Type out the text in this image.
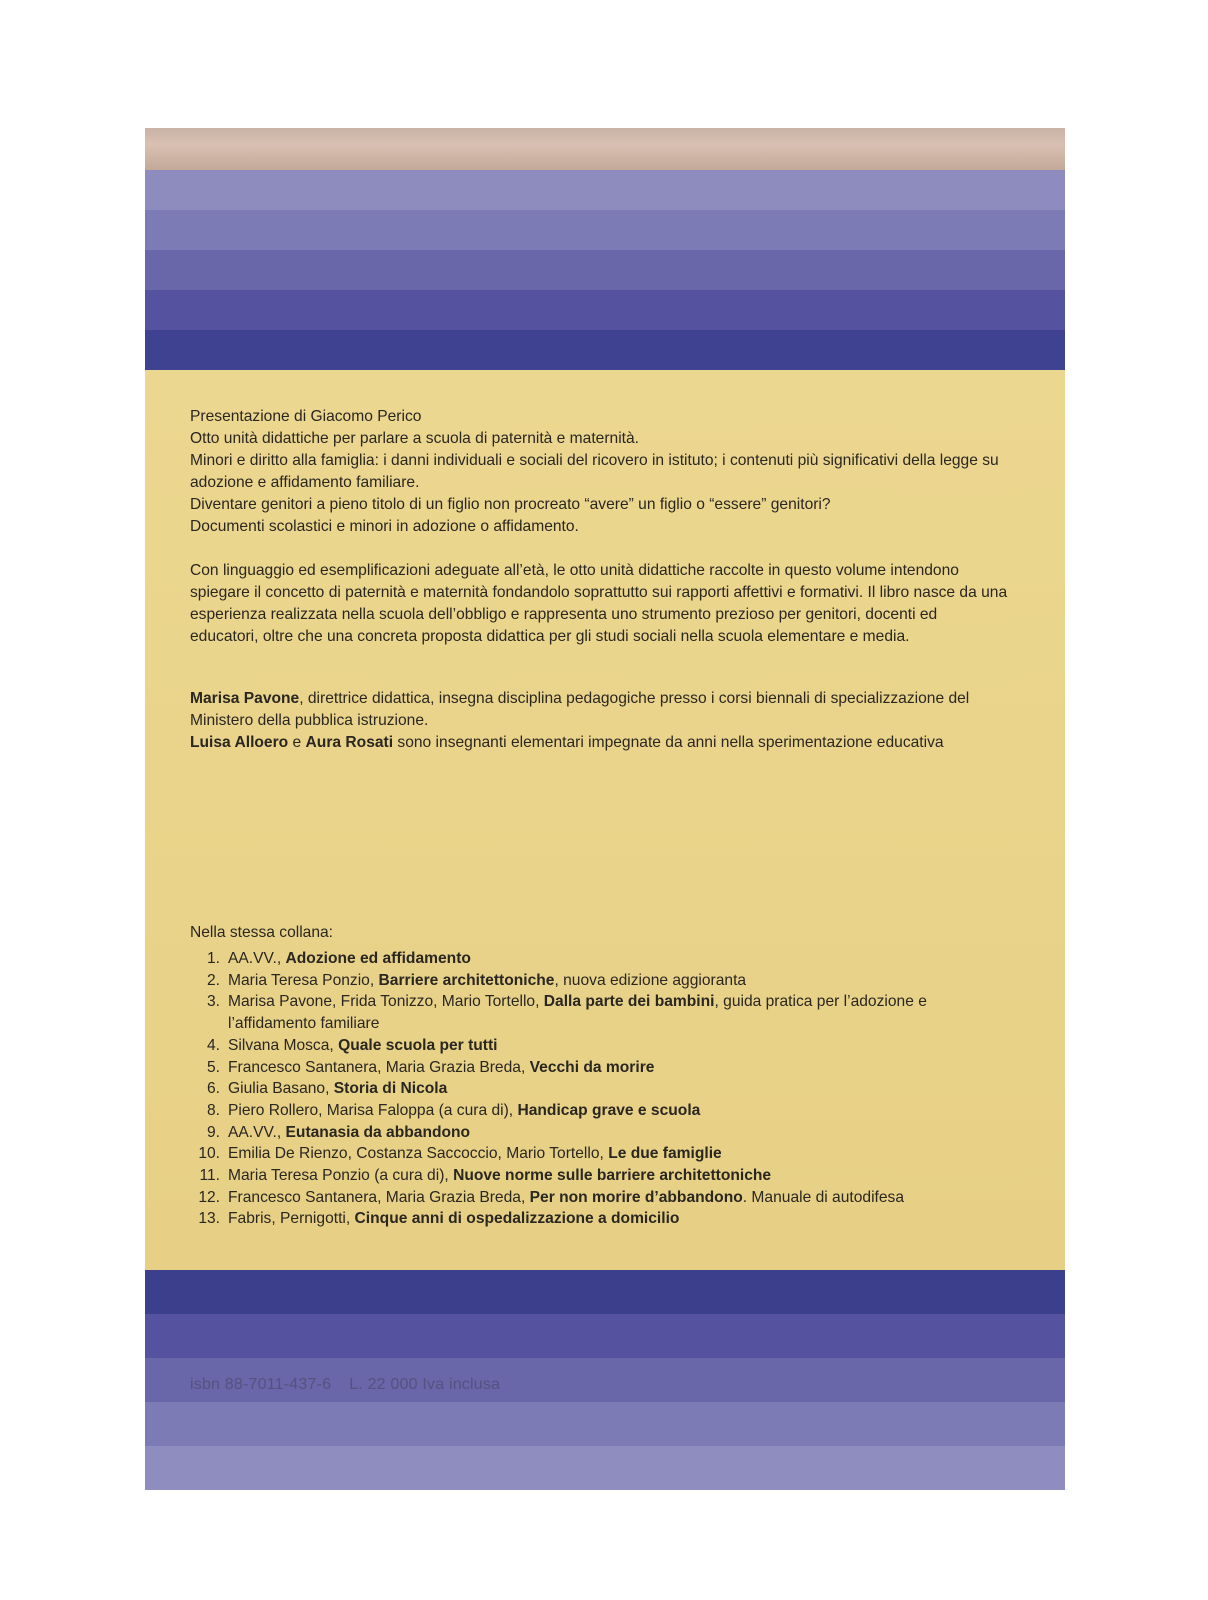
Presentazione di Giacomo Perico

Otto unità didattiche per parlare a scuola di paternità e maternità.

Minori e diritto alla famiglia: i danni individuali e sociali del ricovero in istituto; i contenuti più significativi della legge su adozione e affidamento familiare.

Diventare genitori a pieno titolo di un figlio non procreato “avere” un figlio o “essere” genitori?

Documenti scolastici e minori in adozione o affidamento.

Con linguaggio ed esemplificazioni adeguate all’età, le otto unità didattiche raccolte in questo volume intendono spiegare il concetto di paternità e maternità fondandolo soprattutto sui rapporti affettivi e formativi. Il libro nasce da una esperienza realizzata nella scuola dell’obbligo e rappresenta uno strumento prezioso per genitori, docenti ed educatori, oltre che una concreta proposta didattica per gli studi sociali nella scuola elementare e media.

Marisa Pavone, direttrice didattica, insegna disciplina pedagogiche presso i corsi biennali di specializzazione del Ministero della pubblica istruzione.

Luisa Alloero e Aura Rosati sono insegnanti elementari impegnate da anni nella sperimentazione educativa

Nella stessa collana:

1. AA.VV., Adozione ed affidamento
2. Maria Teresa Ponzio, Barriere architettoniche, nuova edizione aggioranta
3. Marisa Pavone, Frida Tonizzo, Mario Tortello, Dalla parte dei bambini, guida pratica per l’adozione e l’affidamento familiare
4. Silvana Mosca, Quale scuola per tutti
5. Francesco Santanera, Maria Grazia Breda, Vecchi da morire
6. Giulia Basano, Storia di Nicola
8. Piero Rollero, Marisa Faloppa (a cura di), Handicap grave e scuola
9. AA.VV., Eutanasia da abbandono
10. Emilia De Rienzo, Costanza Saccoccio, Mario Tortello, Le due famiglie
11. Maria Teresa Ponzio (a cura di), Nuove norme sulle barriere architettoniche
12. Francesco Santanera, Maria Grazia Breda, Per non morire d’abbandono. Manuale di autodifesa
13. Fabris, Pernigotti, Cinque anni di ospedalizzazione a domicilio
isbn 88-7011-437-6 L. 22 000 Iva inclusa
